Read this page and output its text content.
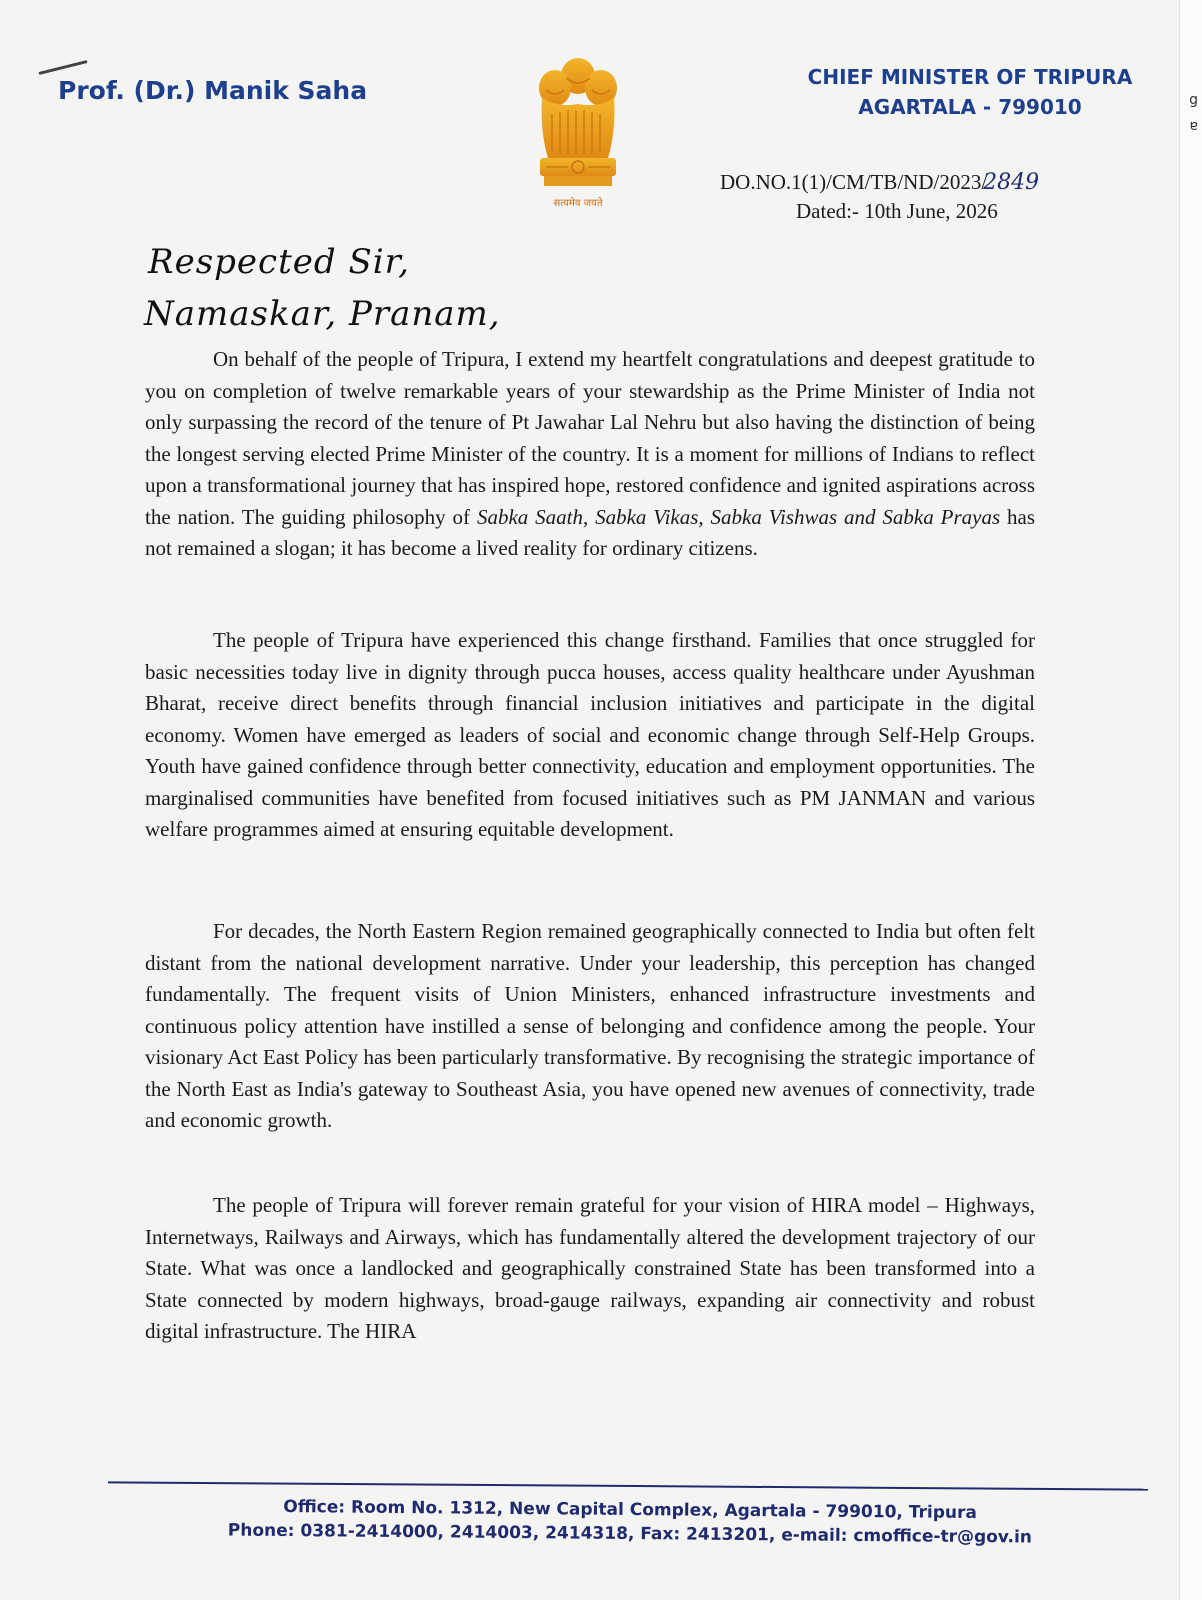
g
ɐ
Prof. (Dr.) Manik Saha
सत्यमेव जयते
CHIEF MINISTER OF TRIPURA
AGARTALA - 799010
DO.NO.1(1)/CM/TB/ND/2023/2849
Dated:- 10th June, 2026
Respected Sir,
Namaskar, Pranam,

On behalf of the people of Tripura, I extend my heartfelt congratulations and deepest gratitude to you on completion of twelve remarkable years of your stewardship as the Prime Minister of India not only surpassing the record of the tenure of Pt Jawahar Lal Nehru but also having the distinction of being the longest serving elected Prime Minister of the country. It is a moment for millions of Indians to reflect upon a transformational journey that has inspired hope, restored confidence and ignited aspirations across the nation. The guiding philosophy of Sabka Saath, Sabka Vikas, Sabka Vishwas and Sabka Prayas has not remained a slogan; it has become a lived reality for ordinary citizens.

The people of Tripura have experienced this change firsthand. Families that once struggled for basic necessities today live in dignity through pucca houses, access quality healthcare under Ayushman Bharat, receive direct benefits through financial inclusion initiatives and participate in the digital economy. Women have emerged as leaders of social and economic change through Self-Help Groups. Youth have gained confidence through better connectivity, education and employment opportunities. The marginalised communities have benefited from focused initiatives such as PM JANMAN and various welfare programmes aimed at ensuring equitable development.

For decades, the North Eastern Region remained geographically connected to India but often felt distant from the national development narrative. Under your leadership, this perception has changed fundamentally. The frequent visits of Union Ministers, enhanced infrastructure investments and continuous policy attention have instilled a sense of belonging and confidence among the people. Your visionary Act East Policy has been particularly transformative. By recognising the strategic importance of the North East as India's gateway to Southeast Asia, you have opened new avenues of connectivity, trade and economic growth.

The people of Tripura will forever remain grateful for your vision of HIRA model – Highways, Internetways, Railways and Airways, which has fundamentally altered the development trajectory of our State. What was once a landlocked and geographically constrained State has been transformed into a State connected by modern highways, broad-gauge railways, expanding air connectivity and robust digital infrastructure. The HIRA

Office: Room No. 1312, New Capital Complex, Agartala - 799010, Tripura
Phone: 0381-2414000, 2414003, 2414318, Fax: 2413201, e-mail: cmoffice-tr@gov.in
